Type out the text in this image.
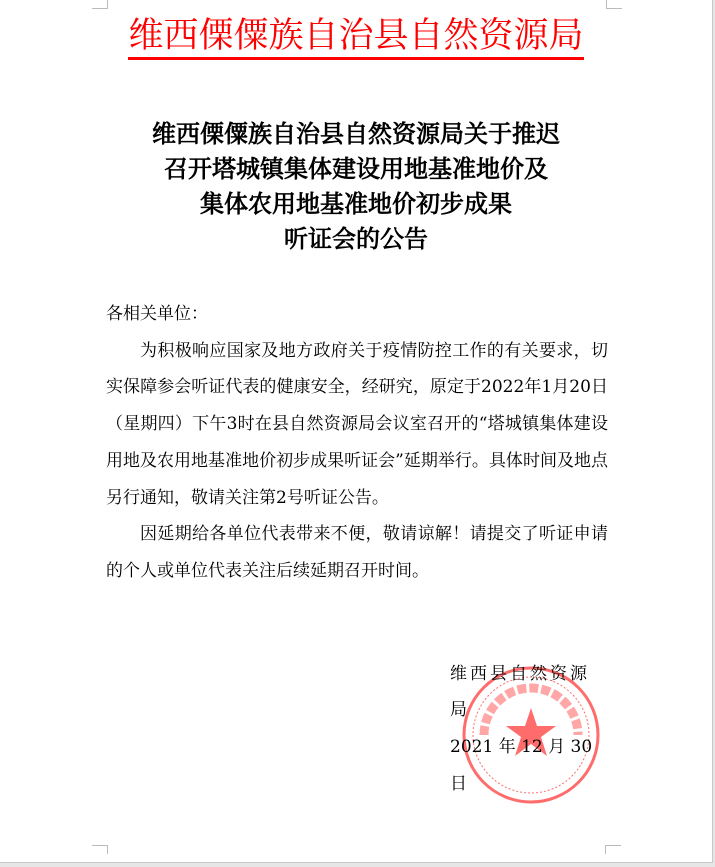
维西傈僳族自治县自然资源局
维西傈僳族自治县自然资源局关于推迟
召开塔城镇集体建设用地基准地价及
集体农用地基准地价初步成果
听证会的公告
各相关单位：

为积极响应国家及地方政府关于疫情防控工作的有关要求，切实保障参会听证代表的健康安全，经研究，原定于2022年1月20日（星期四）下午3时在县自然资源局会议室召开的“塔城镇集体建设用地及农用地基准地价初步成果听证会”延期举行。具体时间及地点另行通知，敬请关注第2号听证公告。

因延期给各单位代表带来不便，敬请谅解！请提交了听证申请的个人或单位代表关注后续延期召开时间。

维西县自然资源局
2021 年 12 月 30 日
